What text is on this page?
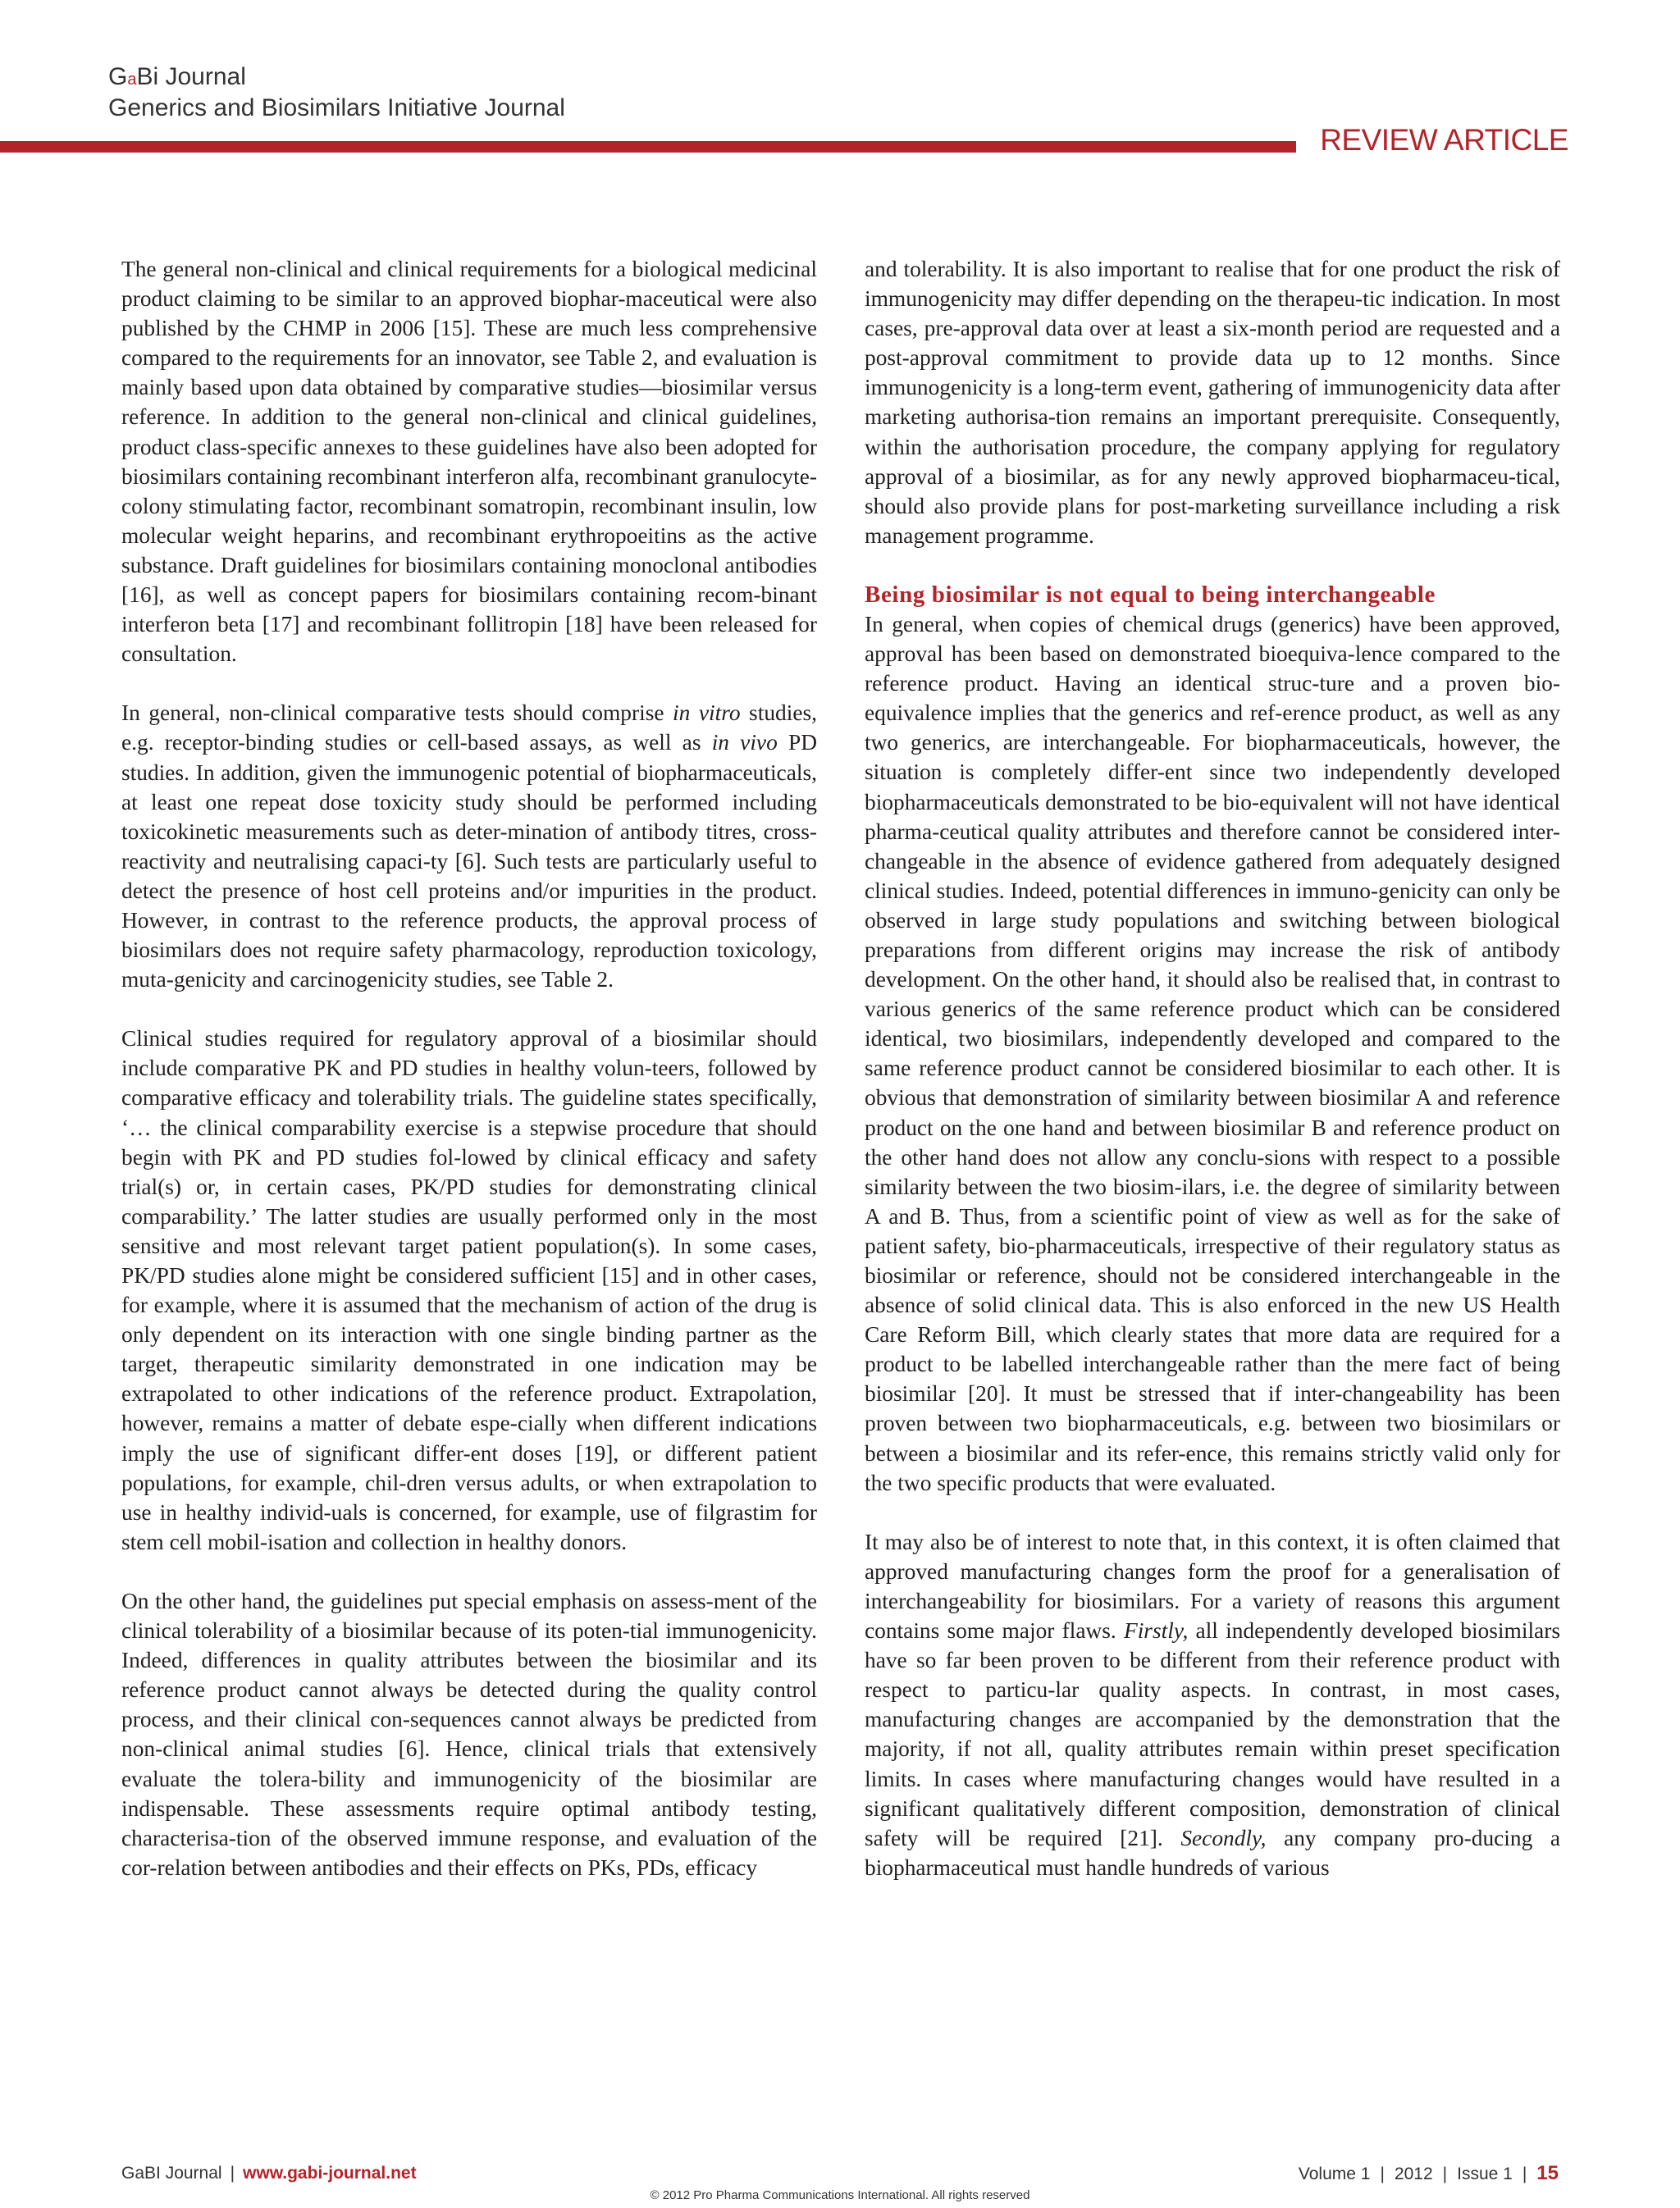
GaBi Journal
Generics and Biosimilars Initiative Journal
REVIEW ARTICLE

The general non-clinical and clinical requirements for a biological medicinal product claiming to be similar to an approved biophar-maceutical were also published by the CHMP in 2006 [15]. These are much less comprehensive compared to the requirements for an innovator, see Table 2, and evaluation is mainly based upon data obtained by comparative studies—biosimilar versus reference. In addition to the general non-clinical and clinical guidelines, product class-specific annexes to these guidelines have also been adopted for biosimilars containing recombinant interferon alfa, recombinant granulocyte-colony stimulating factor, recombinant somatropin, recombinant insulin, low molecular weight heparins, and recombinant erythropoeitins as the active substance. Draft guidelines for biosimilars containing monoclonal antibodies [16], as well as concept papers for biosimilars containing recom-binant interferon beta [17] and recombinant follitropin [18] have been released for consultation.

In general, non-clinical comparative tests should comprise in vitro studies, e.g. receptor-binding studies or cell-based assays, as well as in vivo PD studies. In addition, given the immunogenic potential of biopharmaceuticals, at least one repeat dose toxicity study should be performed including toxicokinetic measurements such as deter-mination of antibody titres, cross-reactivity and neutralising capaci-ty [6]. Such tests are particularly useful to detect the presence of host cell proteins and/or impurities in the product. However, in contrast to the reference products, the approval process of biosimilars does not require safety pharmacology, reproduction toxicology, muta-genicity and carcinogenicity studies, see Table 2.

Clinical studies required for regulatory approval of a biosimilar should include comparative PK and PD studies in healthy volun-teers, followed by comparative efficacy and tolerability trials. The guideline states specifically, ‘… the clinical comparability exercise is a stepwise procedure that should begin with PK and PD studies fol-lowed by clinical efficacy and safety trial(s) or, in certain cases, PK/PD studies for demonstrating clinical comparability.’ The latter studies are usually performed only in the most sensitive and most relevant target patient population(s). In some cases, PK/PD studies alone might be considered sufficient [15] and in other cases, for example, where it is assumed that the mechanism of action of the drug is only dependent on its interaction with one single binding partner as the target, therapeutic similarity demonstrated in one indication may be extrapolated to other indications of the reference product. Extrapolation, however, remains a matter of debate espe-cially when different indications imply the use of significant differ-ent doses [19], or different patient populations, for example, chil-dren versus adults, or when extrapolation to use in healthy individ-uals is concerned, for example, use of filgrastim for stem cell mobil-isation and collection in healthy donors.

On the other hand, the guidelines put special emphasis on assess-ment of the clinical tolerability of a biosimilar because of its poten-tial immunogenicity. Indeed, differences in quality attributes between the biosimilar and its reference product cannot always be detected during the quality control process, and their clinical con-sequences cannot always be predicted from non-clinical animal studies [6]. Hence, clinical trials that extensively evaluate the tolera-bility and immunogenicity of the biosimilar are indispensable. These assessments require optimal antibody testing, characterisa-tion of the observed immune response, and evaluation of the cor-relation between antibodies and their effects on PKs, PDs, efficacy

and tolerability. It is also important to realise that for one product the risk of immunogenicity may differ depending on the therapeu-tic indication. In most cases, pre-approval data over at least a six-month period are requested and a post-approval commitment to provide data up to 12 months. Since immunogenicity is a long-term event, gathering of immunogenicity data after marketing authorisa-tion remains an important prerequisite. Consequently, within the authorisation procedure, the company applying for regulatory approval of a biosimilar, as for any newly approved biopharmaceu-tical, should also provide plans for post-marketing surveillance including a risk management programme.

Being biosimilar is not equal to being interchangeable

In general, when copies of chemical drugs (generics) have been approved, approval has been based on demonstrated bioequiva-lence compared to the reference product. Having an identical struc-ture and a proven bio-equivalence implies that the generics and ref-erence product, as well as any two generics, are interchangeable. For biopharmaceuticals, however, the situation is completely differ-ent since two independently developed biopharmaceuticals demonstrated to be bio-equivalent will not have identical pharma-ceutical quality attributes and therefore cannot be considered inter-changeable in the absence of evidence gathered from adequately designed clinical studies. Indeed, potential differences in immuno-genicity can only be observed in large study populations and switching between biological preparations from different origins may increase the risk of antibody development. On the other hand, it should also be realised that, in contrast to various generics of the same reference product which can be considered identical, two biosimilars, independently developed and compared to the same reference product cannot be considered biosimilar to each other. It is obvious that demonstration of similarity between biosimilar A and reference product on the one hand and between biosimilar B and reference product on the other hand does not allow any conclu-sions with respect to a possible similarity between the two biosim-ilars, i.e. the degree of similarity between A and B. Thus, from a scientific point of view as well as for the sake of patient safety, bio-pharmaceuticals, irrespective of their regulatory status as biosimilar or reference, should not be considered interchangeable in the absence of solid clinical data. This is also enforced in the new US Health Care Reform Bill, which clearly states that more data are required for a product to be labelled interchangeable rather than the mere fact of being biosimilar [20]. It must be stressed that if inter-changeability has been proven between two biopharmaceuticals, e.g. between two biosimilars or between a biosimilar and its refer-ence, this remains strictly valid only for the two specific products that were evaluated.

It may also be of interest to note that, in this context, it is often claimed that approved manufacturing changes form the proof for a generalisation of interchangeability for biosimilars. For a variety of reasons this argument contains some major flaws. Firstly, all independently developed biosimilars have so far been proven to be different from their reference product with respect to particu-lar quality aspects. In contrast, in most cases, manufacturing changes are accompanied by the demonstration that the majority, if not all, quality attributes remain within preset specification limits. In cases where manufacturing changes would have resulted in a significant qualitatively different composition, demonstration of clinical safety will be required [21]. Secondly, any company pro-ducing a biopharmaceutical must handle hundreds of various

GaBI Journal | www.gabi-journal.net	Volume 1 | 2012 | Issue 1 | 15
© 2012 Pro Pharma Communications International. All rights reserved
